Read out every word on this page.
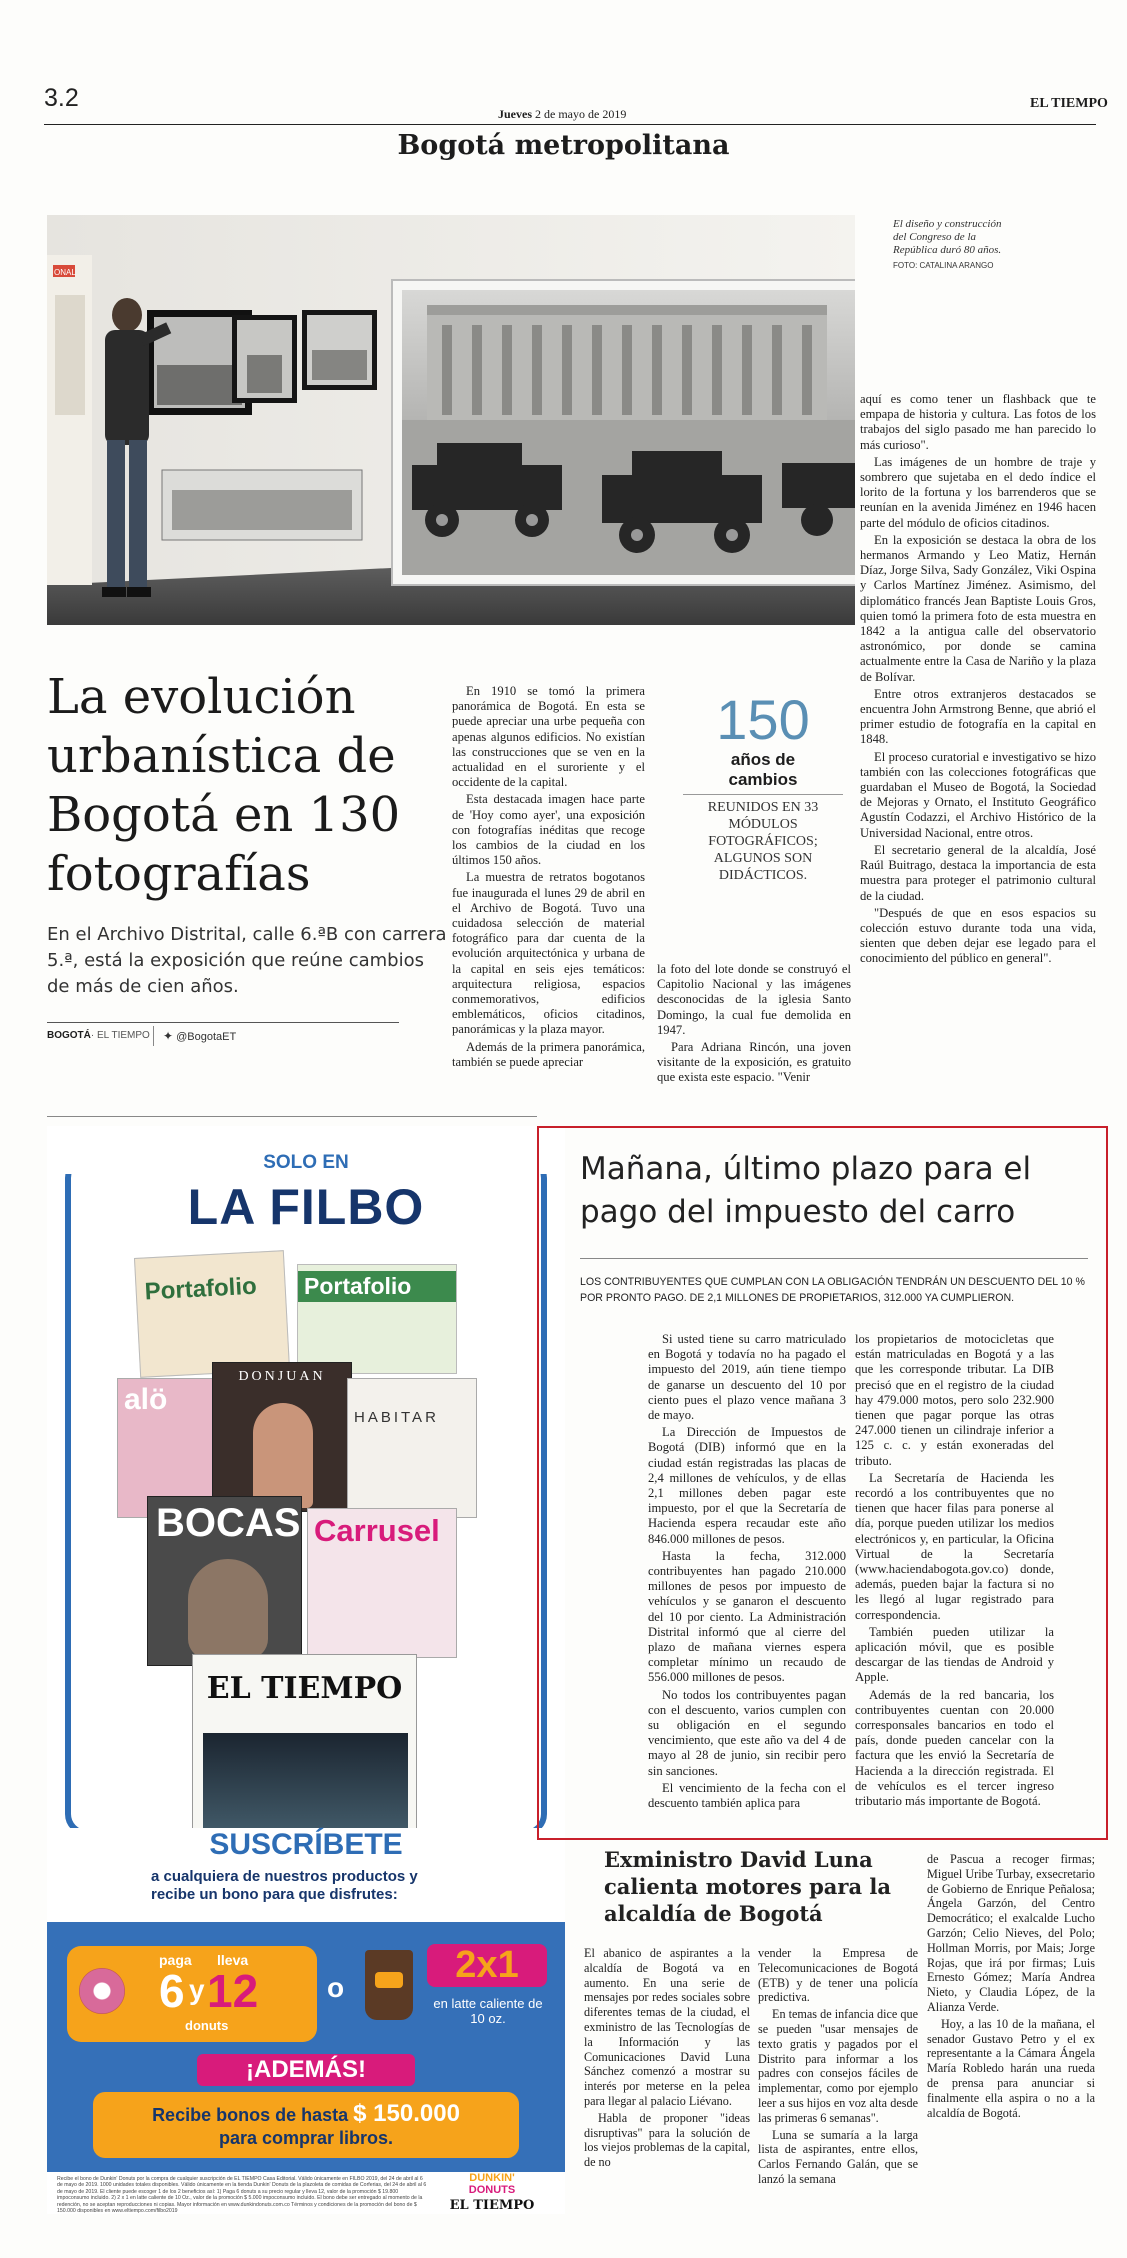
3.2
Jueves 2 de mayo de 2019
EL TIEMPO
Bogotá metropolitana
ONAL
El diseño y construcción
del Congreso de la
República duró 80 años.
FOTO: CATALINA ARANGO
La evolución urbanística de Bogotá en 130 fotografías
En el Archivo Distrital, calle 6.ªB con carrera 5.ª, está la exposición que reúne cambios de más de cien años.
BOGOTÁ· EL TIEMPO ✦ @BogotaET

En 1910 se tomó la primera panorámica de Bogotá. En esta se puede apreciar una urbe pequeña con apenas algunos edificios. No existían las construcciones que se ven en la actualidad en el suroriente y el occidente de la capital.

Esta destacada imagen hace parte de 'Hoy como ayer', una exposición con fotografías inéditas que recoge los cambios de la ciudad en los últimos 150 años.

La muestra de retratos bogotanos fue inaugurada el lunes 29 de abril en el Archivo de Bogotá. Tuvo una cuidadosa selección de material fotográfico para dar cuenta de la evolución arquitectónica y urbana de la capital en seis ejes temáticos: arquitectura religiosa, espacios conmemorativos, edificios emblemáticos, oficios citadinos, panorámicas y la plaza mayor.

Además de la primera panorámica, también se puede apreciar

150
años de
cambios
REUNIDOS EN 33 MÓDULOS FOTOGRÁFICOS; ALGUNOS SON DIDÁCTICOS.

la foto del lote donde se construyó el Capitolio Nacional y las imágenes desconocidas de la iglesia Santo Domingo, la cual fue demolida en 1947.

Para Adriana Rincón, una joven visitante de la exposición, es gratuito que exista este espacio. "Venir

aquí es como tener un flashback que te empapa de historia y cultura. Las fotos de los trabajos del siglo pasado me han parecido lo más curioso".

Las imágenes de un hombre de traje y sombrero que sujetaba en el dedo índice el lorito de la fortuna y los barrenderos que se reunían en la avenida Jiménez en 1946 hacen parte del módulo de oficios citadinos.

En la exposición se destaca la obra de los hermanos Armando y Leo Matiz, Hernán Díaz, Jorge Silva, Sady González, Viki Ospina y Carlos Martínez Jiménez. Asimismo, del diplomático francés Jean Baptiste Louis Gros, quien tomó la primera foto de esta muestra en 1842 a la antigua calle del observatorio astronómico, por donde se camina actualmente entre la Casa de Nariño y la plaza de Bolívar.

Entre otros extranjeros destacados se encuentra John Armstrong Benne, que abrió el primer estudio de fotografía en la capital en 1848.

El proceso curatorial e investigativo se hizo también con las colecciones fotográficas que guardaban el Museo de Bogotá, la Sociedad de Mejoras y Ornato, el Instituto Geográfico Agustín Codazzi, el Archivo Histórico de la Universidad Nacional, entre otros.

El secretario general de la alcaldía, José Raúl Buitrago, destaca la importancia de esta muestra para proteger el patrimonio cultural de la ciudad.

"Después de que en esos espacios su colección estuvo durante toda una vida, sienten que deben dejar ese legado para el conocimiento del público en general".

SOLO EN
LA FILBO
Portafolio	Portafolio
alö
DONJUAN
HABITAR
BOCAS Carrusel
EL TIEMPO
SUSCRÍBETE
a cualquiera de nuestros productos y recibe un bono para que disfrutes:
paga lleva
6 y 12
donuts
o
2x1
en latte caliente de 10 oz.
¡ADEMÁS!
Recibe bonos de hasta $ 150.000
para comprar libros.
Recibe el bono de Dunkin' Donuts por la compra de cualquier suscripción de EL TIEMPO Casa Editorial. Válido únicamente en FILBO 2019, del 24 de abril al 6 de mayo de 2019. 1000 unidades totales disponibles. Válido únicamente en la tienda Dunkin' Donuts de la plazoleta de comidas de Corferias, del 24 de abril al 6 de mayo de 2019. El cliente puede escoger 1 de los 2 beneficios así: 1) Paga 6 donuts a su precio regular y lleva 12, valor de la promoción $ 19.800 impoconsumo incluido. 2) 2 x 1 en latte caliente de 10 Oz., valor de la promoción $ 5.000 impoconsumo incluido. El bono debe ser entregado al momento de la redención, no se aceptan reproducciones ni copias. Mayor información en www.dunkindonuts.com.co Términos y condiciones de la promoción del bono de $ 150.000 disponibles en www.eltiempo.com/filbo2019
DUNKIN'
DONUTS
EL TIEMPO
Mañana, último plazo para el pago del impuesto del carro
LOS CONTRIBUYENTES QUE CUMPLAN CON LA OBLIGACIÓN TENDRÁN UN DESCUENTO DEL 10 % POR PRONTO PAGO. DE 2,1 MILLONES DE PROPIETARIOS, 312.000 YA CUMPLIERON.

Si usted tiene su carro matriculado en Bogotá y todavía no ha pagado el impuesto del 2019, aún tiene tiempo de ganarse un descuento del 10 por ciento pues el plazo vence mañana 3 de mayo.

La Dirección de Impuestos de Bogotá (DIB) informó que en la ciudad están registradas las placas de 2,4 millones de vehículos, y de ellas 2,1 millones deben pagar este impuesto, por el que la Secretaría de Hacienda espera recaudar este año 846.000 millones de pesos.

Hasta la fecha, 312.000 contribuyentes han pagado 210.000 millones de pesos por impuesto de vehículos y se ganaron el descuento del 10 por ciento. La Administración Distrital informó que al cierre del plazo de mañana viernes espera completar mínimo un recaudo de 556.000 millones de pesos.

No todos los contribuyentes pagan con el descuento, varios cumplen con su obligación en el segundo vencimiento, que este año va del 4 de mayo al 28 de junio, sin recibir pero sin sanciones.

El vencimiento de la fecha con el descuento también aplica para

los propietarios de motocicletas que están matriculadas en Bogotá y a las que les corresponde tributar. La DIB precisó que en el registro de la ciudad hay 479.000 motos, pero solo 232.900 tienen que pagar porque las otras 247.000 tienen un cilindraje inferior a 125 c. c. y están exoneradas del tributo.

La Secretaría de Hacienda les recordó a los contribuyentes que no tienen que hacer filas para ponerse al día, porque pueden utilizar los medios electrónicos y, en particular, la Oficina Virtual de la Secretaría (www.haciendabogota.gov.co) donde, además, pueden bajar la factura si no les llegó al lugar registrado para correspondencia.

También pueden utilizar la aplicación móvil, que es posible descargar de las tiendas de Android y Apple.

Además de la red bancaria, los contribuyentes cuentan con 20.000 corresponsales bancarios en todo el país, donde pueden cancelar con la factura que les envió la Secretaría de Hacienda a la dirección registrada. El de vehículos es el tercer ingreso tributario más importante de Bogotá.

Exministro David Luna calienta motores para la alcaldía de Bogotá

El abanico de aspirantes a la alcaldía de Bogotá va en aumento. En una serie de mensajes por redes sociales sobre diferentes temas de la ciudad, el exministro de las Tecnologías de la Información y las Comunicaciones David Luna Sánchez comenzó a mostrar su interés por meterse en la pelea para llegar al palacio Liévano.

Habla de proponer "ideas disruptivas" para la solución de los viejos problemas de la capital, de no

vender la Empresa de Telecomunicaciones de Bogotá (ETB) y de tener una policía predictiva.

En temas de infancia dice que se pueden "usar mensajes de texto gratis y pagados por el Distrito para informar a los padres con consejos fáciles de implementar, como por ejemplo leer a sus hijos en voz alta desde las primeras 6 semanas".

Luna se sumaría a la larga lista de aspirantes, entre ellos, Carlos Fernando Galán, que se lanzó la semana

de Pascua a recoger firmas; Miguel Uribe Turbay, exsecretario de Gobierno de Enrique Peñalosa; Ángela Garzón, del Centro Democrático; el exalcalde Lucho Garzón; Celio Nieves, del Polo; Hollman Morris, por Mais; Jorge Rojas, que irá por firmas; Luis Ernesto Gómez; María Andrea Nieto, y Claudia López, de la Alianza Verde.

Hoy, a las 10 de la mañana, el senador Gustavo Petro y el ex representante a la Cámara Ángela María Robledo harán una rueda de prensa para anunciar si finalmente ella aspira o no a la alcaldía de Bogotá.
